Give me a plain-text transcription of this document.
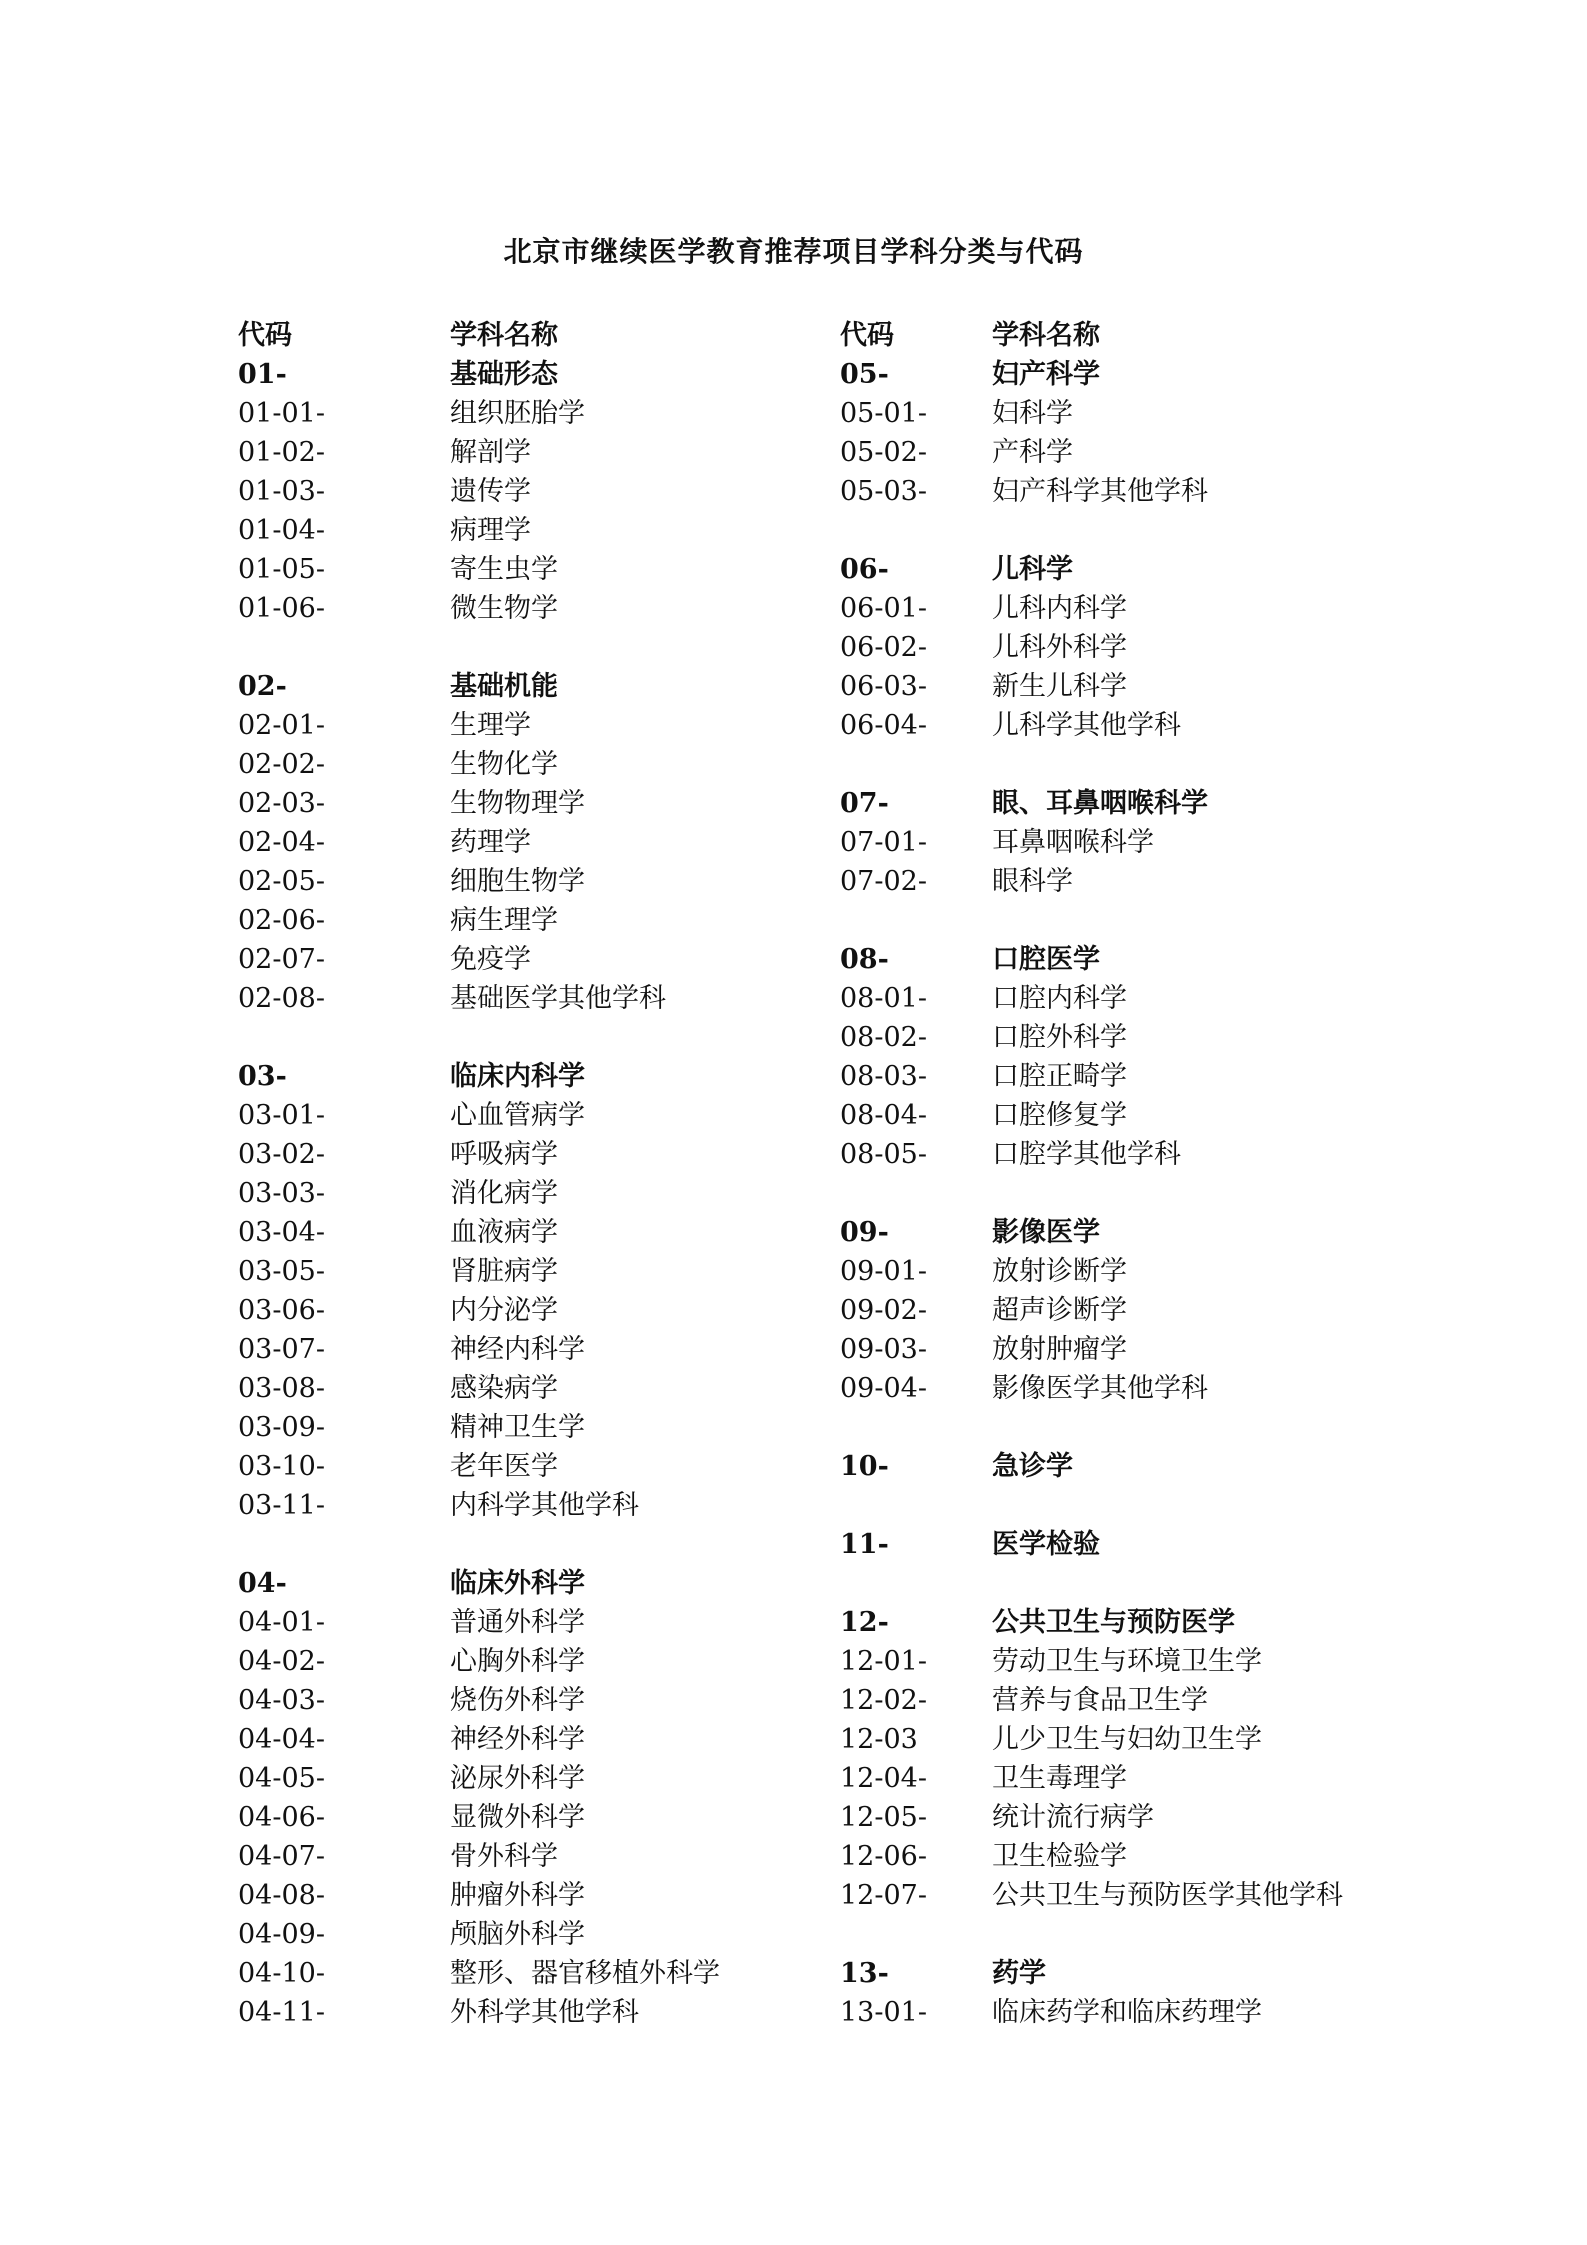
北京市继续医学教育推荐项目学科分类与代码
代码	学科名称
01-	基础形态
01-01-	组织胚胎学
01-02-	解剖学
01-03-	遗传学
01-04-	病理学
01-05-	寄生虫学
01-06-	微生物学
02-	基础机能
02-01-	生理学
02-02-	生物化学
02-03-	生物物理学
02-04-	药理学
02-05-	细胞生物学
02-06-	病生理学
02-07-	免疫学
02-08-	基础医学其他学科
03-	临床内科学
03-01-	心血管病学
03-02-	呼吸病学
03-03-	消化病学
03-04-	血液病学
03-05-	肾脏病学
03-06-	内分泌学
03-07-	神经内科学
03-08-	感染病学
03-09-	精神卫生学
03-10-	老年医学
03-11-	内科学其他学科
04-	临床外科学
04-01-	普通外科学
04-02-	心胸外科学
04-03-	烧伤外科学
04-04-	神经外科学
04-05-	泌尿外科学
04-06-	显微外科学
04-07-	骨外科学
04-08-	肿瘤外科学
04-09-	颅脑外科学
04-10-	整形、器官移植外科学
04-11-	外科学其他学科
代码	学科名称
05-	妇产科学
05-01- 妇科学
05-02- 产科学
05-03- 妇产科学其他学科
06-	儿科学
06-01- 儿科内科学
06-02- 儿科外科学
06-03- 新生儿科学
06-04- 儿科学其他学科
07-	眼、耳鼻咽喉科学
07-01- 耳鼻咽喉科学
07-02- 眼科学
08-	口腔医学
08-01- 口腔内科学
08-02- 口腔外科学
08-03- 口腔正畸学
08-04- 口腔修复学
08-05- 口腔学其他学科
09-	影像医学
09-01- 放射诊断学
09-02- 超声诊断学
09-03- 放射肿瘤学
09-04- 影像医学其他学科
10-	急诊学
11-	医学检验
12-	公共卫生与预防医学
12-01- 劳动卫生与环境卫生学
12-02- 营养与食品卫生学
12-03	儿少卫生与妇幼卫生学
12-04- 卫生毒理学
12-05- 统计流行病学
12-06- 卫生检验学
12-07- 公共卫生与预防医学其他学科
13-	药学
13-01- 临床药学和临床药理学
